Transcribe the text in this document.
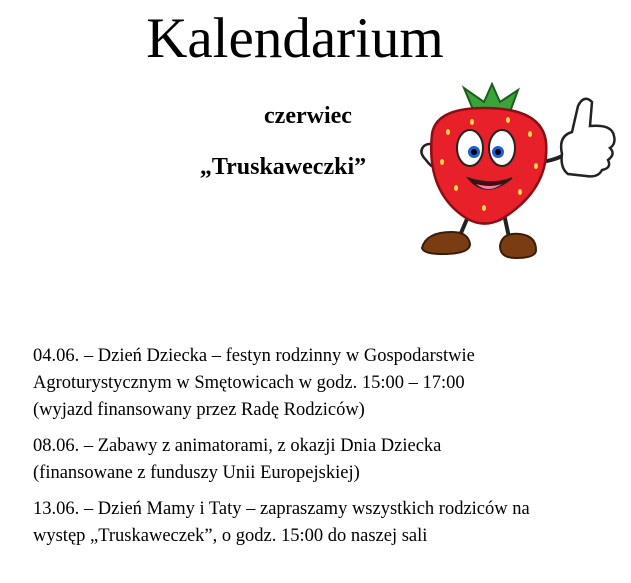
Kalendarium
czerwiec
„Truskaweczki”

04.06. – Dzień Dziecka – festyn rodzinny w Gospodarstwie
Agroturystycznym w Smętowicach w godz. 15:00 – 17:00
(wyjazd finansowany przez Radę Rodziców)

08.06. – Zabawy z animatorami, z okazji Dnia Dziecka
(finansowane z funduszy Unii Europejskiej)

13.06. – Dzień Mamy i Taty – zapraszamy wszystkich rodziców na
występ „Truskaweczek”, o godz. 15:00 do naszej sali
